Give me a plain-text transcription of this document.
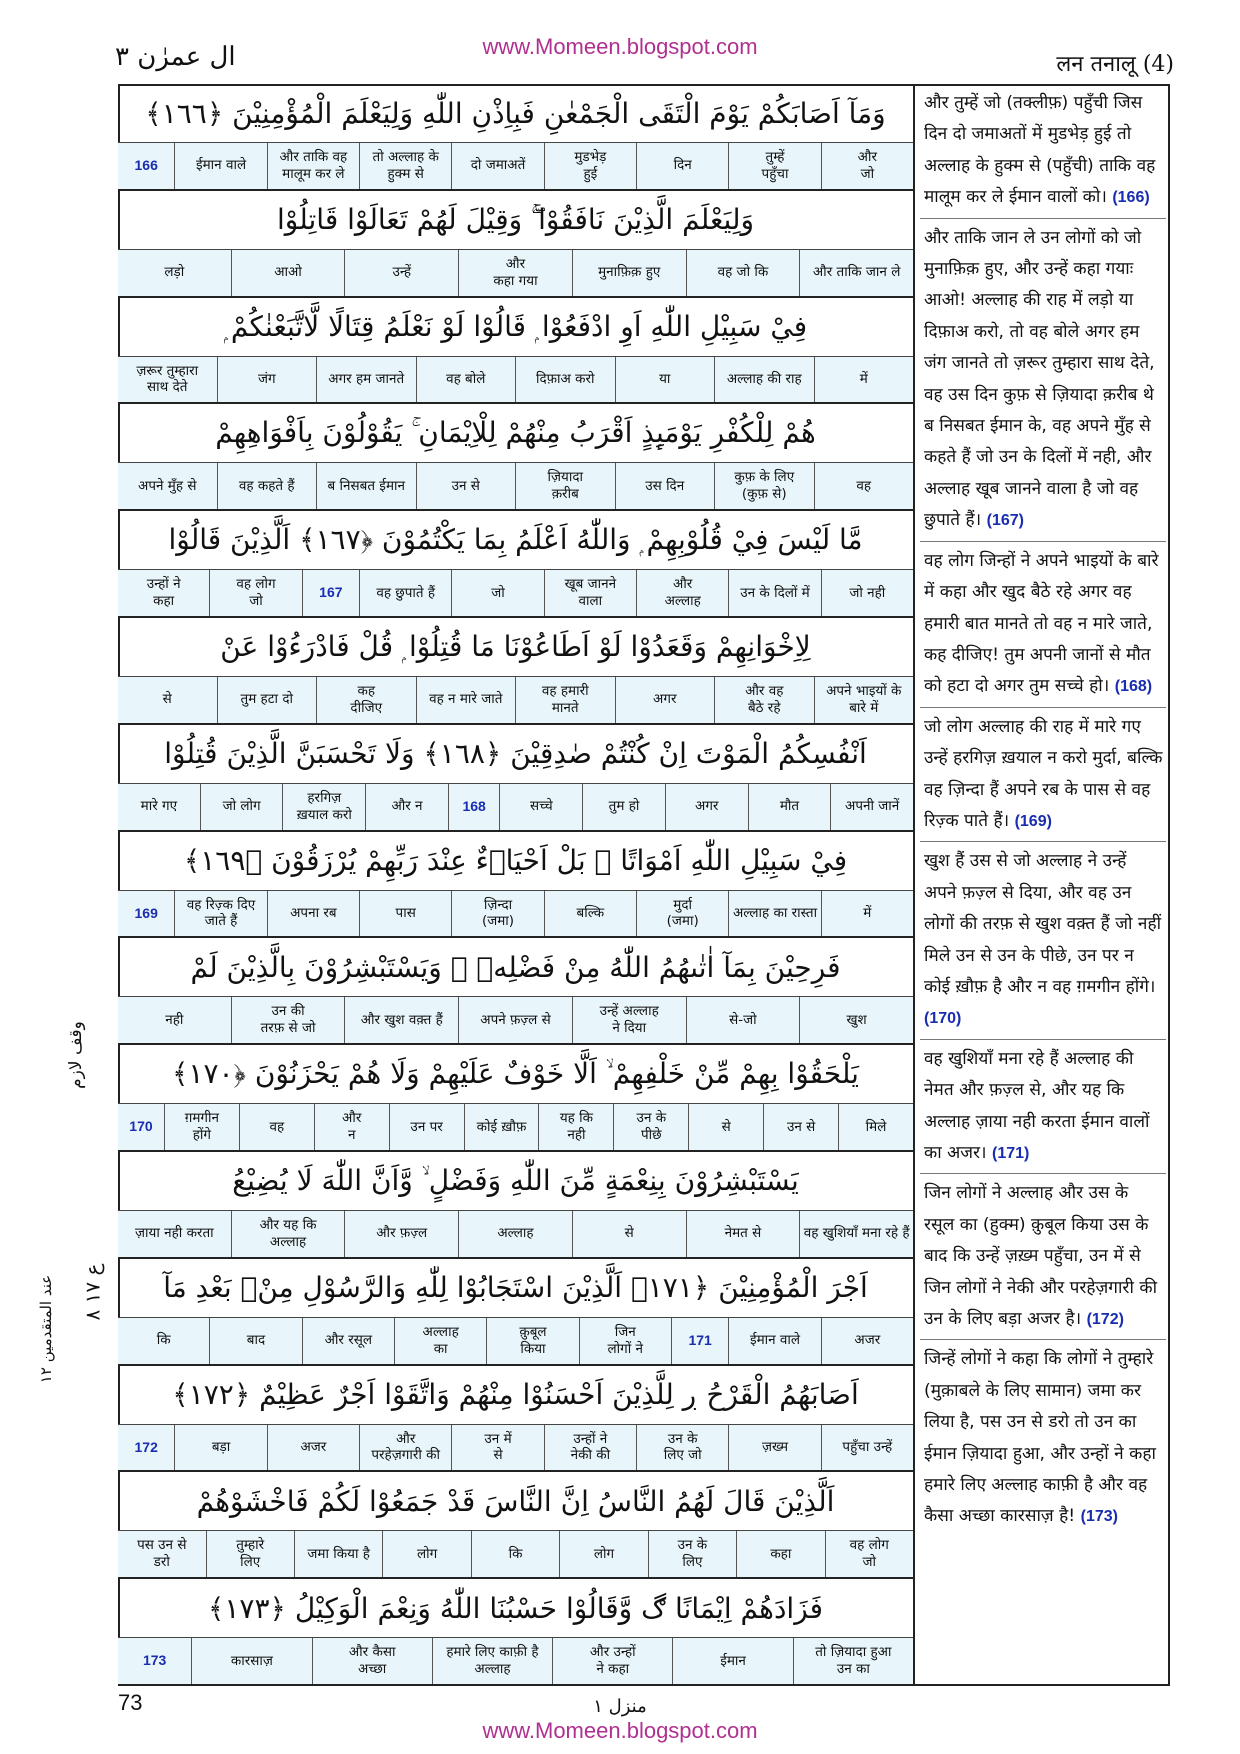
www.Momeen.blogspot.com
ال عمرٰن ٣	लन तनालू (4)
وَمَآ اَصَابَكُمْ يَوْمَ الْتَقَى الْجَمْعٰنِ فَبِاِذْنِ اللّٰهِ وَلِيَعْلَمَ الْمُؤْمِنِيْنَ ﴿١٦٦﴾
और
जो
तुम्हें
पहुँचा
दिन
मुडभेड़
हुई
दो जमाअतें
तो अल्लाह के
हुक्म से
और ताकि वह
मालूम कर ले
ईमान वाले
166
وَلِيَعْلَمَ الَّذِيْنَ نَافَقُوْا ۖۚ وَقِيْلَ لَهُمْ تَعَالَوْا قَاتِلُوْا
और ताकि जान ले
वह जो कि
मुनाफ़िक़ हुए
और
कहा गया
उन्हें
आओ
लड़ो
فِيْ سَبِيْلِ اللّٰهِ اَوِ ادْفَعُوْا ۭ قَالُوْا لَوْ نَعْلَمُ قِتَالًا لَّاتَّبَعْنٰكُمْ ۭ
में
अल्लाह की राह
या
दिफ़ाअ करो
वह बोले
अगर हम जानते
जंग
ज़रूर तुम्हारा
साथ देते
هُمْ لِلْكُفْرِ يَوْمَىِٕذٍ اَقْرَبُ مِنْهُمْ لِلْاِيْمَانِ ۚ يَقُوْلُوْنَ بِاَفْوَاهِهِمْ
वह
कुफ़ के लिए
(कुफ़ से)
उस दिन
ज़ियादा
क़रीब
उन से
ब निसबत ईमान
वह कहते हैं
अपने मुँह से
مَّا لَيْسَ فِيْ قُلُوْبِهِمْ ۭ وَاللّٰهُ اَعْلَمُ بِمَا يَكْتُمُوْنَ ﴿١٦٧﴾ اَلَّذِيْنَ قَالُوْا
जो नही
उन के दिलों में
और
अल्लाह
खूब जानने
वाला
जो
वह छुपाते हैं
167
वह लोग
जो
उन्हों ने
कहा
لِاِخْوَانِهِمْ وَقَعَدُوْا لَوْ اَطَاعُوْنَا مَا قُتِلُوْا ۭ قُلْ فَادْرَءُوْا عَنْ
अपने भाइयों के
बारे में
और वह
बैठे रहे
अगर
वह हमारी
मानते
वह न मारे जाते
कह
दीजिए
तुम हटा दो
से
اَنْفُسِكُمُ الْمَوْتَ اِنْ كُنْتُمْ صٰدِقِيْنَ ﴿١٦٨﴾ وَلَا تَحْسَبَنَّ الَّذِيْنَ قُتِلُوْا
अपनी जानें
मौत
अगर
तुम हो
सच्चे
168
और न
हरगिज़
ख़याल करो
जो लोग
मारे गए
فِيْ سَبِيْلِ اللّٰهِ اَمْوَاتًا ۭ بَلْ اَحْيَاۗءٌ عِنْدَ رَبِّھِمْ يُرْزَقُوْنَ ﴿١٦٩﴾
में
अल्लाह का रास्ता
मुर्दा
(जमा)
बल्कि
ज़िन्दा
(जमा)
पास
अपना रब
वह रिज़्क दिए
जाते हैं
169
فَرِحِيْنَ بِمَآ اٰتٰىھُمُ اللّٰهُ مِنْ فَضْلِهٖ ۙ وَيَسْتَبْشِرُوْنَ بِالَّذِيْنَ لَمْ
खुश
से-जो
उन्हें अल्लाह
ने दिया
अपने फ़ज़्ल से
और खुश वक़्त हैं
उन की
तरफ़ से जो
नही
يَلْحَقُوْا بِهِمْ مِّنْ خَلْفِهِمْ ۙ اَلَّا خَوْفٌ عَلَيْهِمْ وَلَا ھُمْ يَحْزَنُوْنَ ﴿١٧٠﴾
मिले
उन से
से
उन के
पीछे
यह कि
नही
कोई ख़ौफ़
उन पर
और
न
वह
ग़मगीन
होंगे
170
يَسْتَبْشِرُوْنَ بِنِعْمَةٍ مِّنَ اللّٰهِ وَفَضْلٍ ۙ وَّاَنَّ اللّٰهَ لَا يُضِيْعُ
वह खुशियाँ मना रहे हैं
नेमत से
से
अल्लाह
और फ़ज़्ल
और यह कि
अल्लाह
ज़ाया नही करता
اَجْرَ الْمُؤْمِنِيْنَ ﴿١٧١﴾ اَلَّذِيْنَ اسْتَجَابُوْا لِلّٰهِ وَالرَّسُوْلِ مِنْۢ بَعْدِ مَآ
अजर
ईमान वाले
171
जिन
लोगों ने
क़ुबूल
किया
अल्लाह
का
और रसूल
बाद
कि
اَصَابَهُمُ الْقَرْحُ ڔ لِلَّذِيْنَ اَحْسَنُوْا مِنْهُمْ وَاتَّقَوْا اَجْرٌ عَظِيْمٌ ﴿١٧٢﴾
पहुँचा उन्हें
ज़ख्म
उन के
लिए जो
उन्हों ने
नेकी की
उन में
से
और
परहेज़गारी की
अजर
बड़ा
172
اَلَّذِيْنَ قَالَ لَهُمُ النَّاسُ اِنَّ النَّاسَ قَدْ جَمَعُوْا لَكُمْ فَاخْشَوْھُمْ
वह लोग
जो
कहा
उन के
लिए
लोग
कि
लोग
जमा किया है
तुम्हारे
लिए
पस उन से
डरो
فَزَادَھُمْ اِيْمَانًا ڰ وَّقَالُوْا حَسْبُنَا اللّٰهُ وَنِعْمَ الْوَكِيْلُ ﴿١٧٣﴾
तो ज़ियादा हुआ
उन का
ईमान
और उन्हों
ने कहा
हमारे लिए काफ़ी है
अल्लाह
और कैसा
अच्छा
कारसाज़
173
और तुम्हें जो (तक्लीफ़) पहुँची जिस दिन दो जमाअतों में मुडभेड़ हुई तो अल्लाह के हुक्म से (पहुँची) ताकि वह मालूम कर ले ईमान वालों को। (166)
और ताकि जान ले उन लोगों को जो मुनाफ़िक़ हुए, और उन्हें कहा गयाः आओ! अल्लाह की राह में लड़ो या दिफ़ाअ करो, तो वह बोले अगर हम जंग जानते तो ज़रूर तुम्हारा साथ देते, वह उस दिन कुफ़ से ज़ियादा क़रीब थे ब निसबत ईमान के, वह अपने मुँह से कहते हैं जो उन के दिलों में नही, और अल्लाह खूब जानने वाला है जो वह छुपाते हैं। (167)
वह लोग जिन्हों ने अपने भाइयों के बारे में कहा और खुद बैठे रहे अगर वह हमारी बात मानते तो वह न मारे जाते, कह दीजिए! तुम अपनी जानों से मौत को हटा दो अगर तुम सच्चे हो। (168)
जो लोग अल्लाह की राह में मारे गए उन्हें हरगिज़ ख़याल न करो मुर्दा, बल्कि वह ज़िन्दा हैं अपने रब के पास से वह रिज़्क पाते हैं। (169)
खुश हैं उस से जो अल्लाह ने उन्हें अपने फ़ज़्ल से दिया, और वह उन लोगों की तरफ़ से खुश वक़्त हैं जो नहीं मिले उन से उन के पीछे, उन पर न कोई ख़ौफ़ है और न वह ग़मगीन होंगे। (170)
वह खुशियाँ मना रहे हैं अल्लाह की नेमत और फ़ज़्ल से, और यह कि अल्लाह ज़ाया नही करता ईमान वालों का अजर। (171)
जिन लोगों ने अल्लाह और उस के रसूल का (हुक्म) क़ुबूल किया उस के बाद कि उन्हें ज़ख़्म पहुँचा, उन में से जिन लोगों ने नेकी और परहेज़गारी की उन के लिए बड़ा अजर है। (172)
जिन्हें लोगों ने कहा कि लोगों ने तुम्हारे (मुक़ाबले के लिए सामान) जमा कर लिया है, पस उन से डरो तो उन का ईमान ज़ियादा हुआ, और उन्हों ने कहा हमारे लिए अल्लाह काफ़ी है और वह कैसा अच्छा कारसाज़ है! (173)
وقف لازم
ع ١٧ ٨
عند المتقدمين ١٢
73	منزل ١
www.Momeen.blogspot.com
